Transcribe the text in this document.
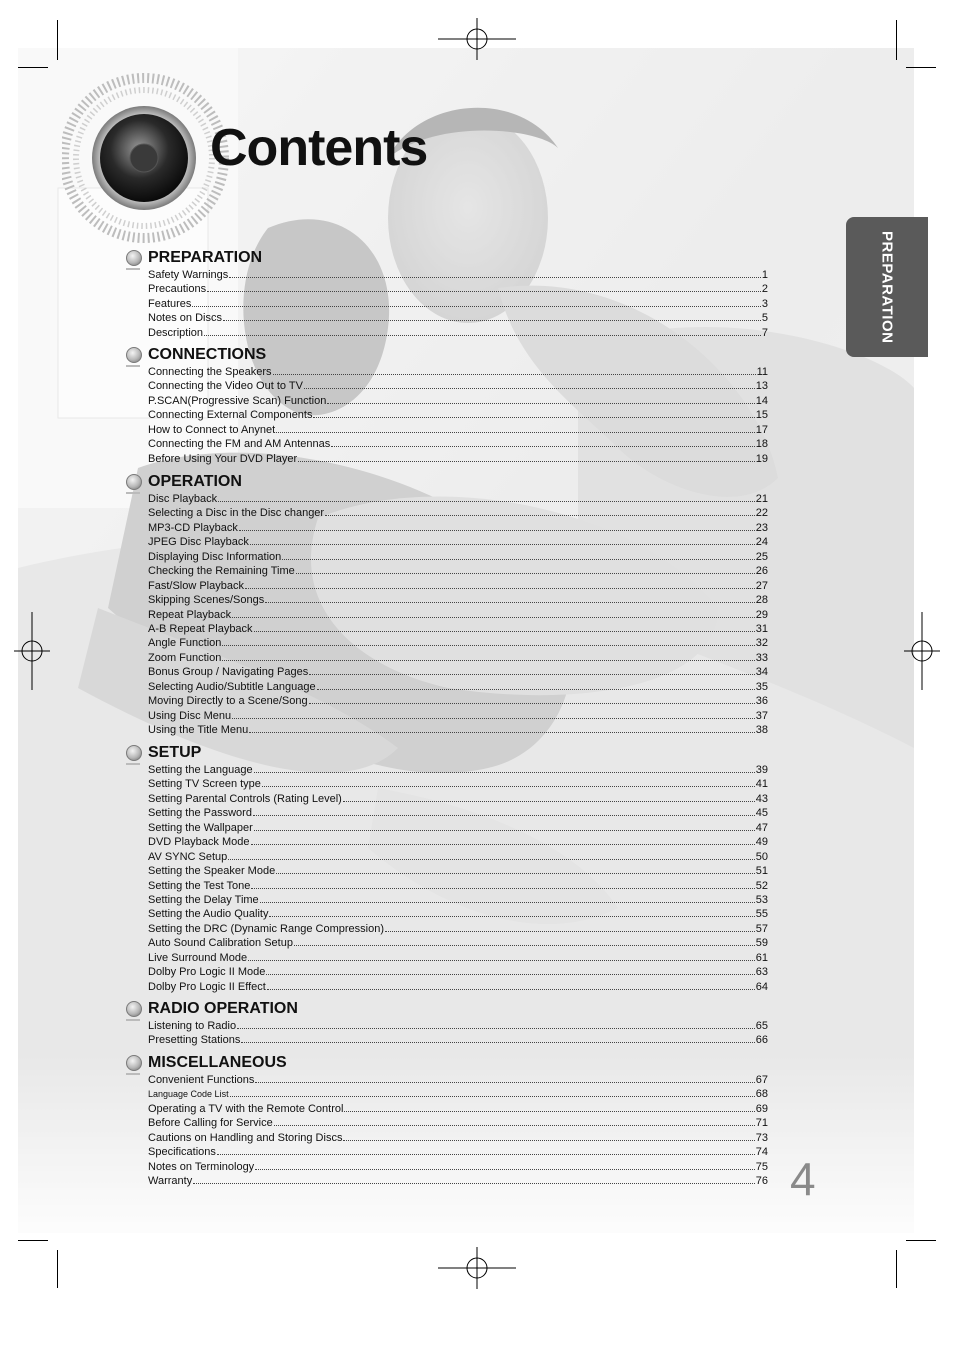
Contents
PREPARATION
PREPARATION
Safety Warnings	1
Precautions	2
Features	3
Notes on Discs	5
Description	7
CONNECTIONS
Connecting the Speakers	11
Connecting the Video Out to TV	13
P.SCAN(Progressive Scan) Function	14
Connecting External Components	15
How to Connect to Anynet	17
Connecting the FM and AM Antennas	18
Before Using Your DVD Player	19
OPERATION
Disc Playback	21
Selecting a Disc in the Disc changer	22
MP3-CD Playback	23
JPEG Disc Playback	24
Displaying Disc Information	25
Checking the Remaining Time	26
Fast/Slow Playback	27
Skipping Scenes/Songs	28
Repeat Playback	29
A-B Repeat Playback	31
Angle Function	32
Zoom Function	33
Bonus Group / Navigating Pages	34
Selecting Audio/Subtitle Language	35
Moving Directly to a Scene/Song	36
Using Disc Menu	37
Using the Title Menu	38
SETUP
Setting the Language	39
Setting TV Screen type	41
Setting Parental Controls (Rating Level)	43
Setting the Password	45
Setting the Wallpaper	47
DVD Playback Mode	49
AV SYNC Setup	50
Setting the Speaker Mode	51
Setting the Test Tone	52
Setting the Delay Time	53
Setting the Audio Quality	55
Setting the DRC (Dynamic Range Compression)	57
Auto Sound Calibration Setup	59
Live Surround Mode	61
Dolby Pro Logic II Mode	63
Dolby Pro Logic II Effect	64
RADIO OPERATION
Listening to Radio	65
Presetting Stations	66
MISCELLANEOUS
Convenient Functions	67
Language Code List	68
Operating a TV with the Remote Control	69
Before Calling for Service	71
Cautions on Handling and Storing Discs	73
Specifications	74
Notes on Terminology	75
Warranty	76 4
